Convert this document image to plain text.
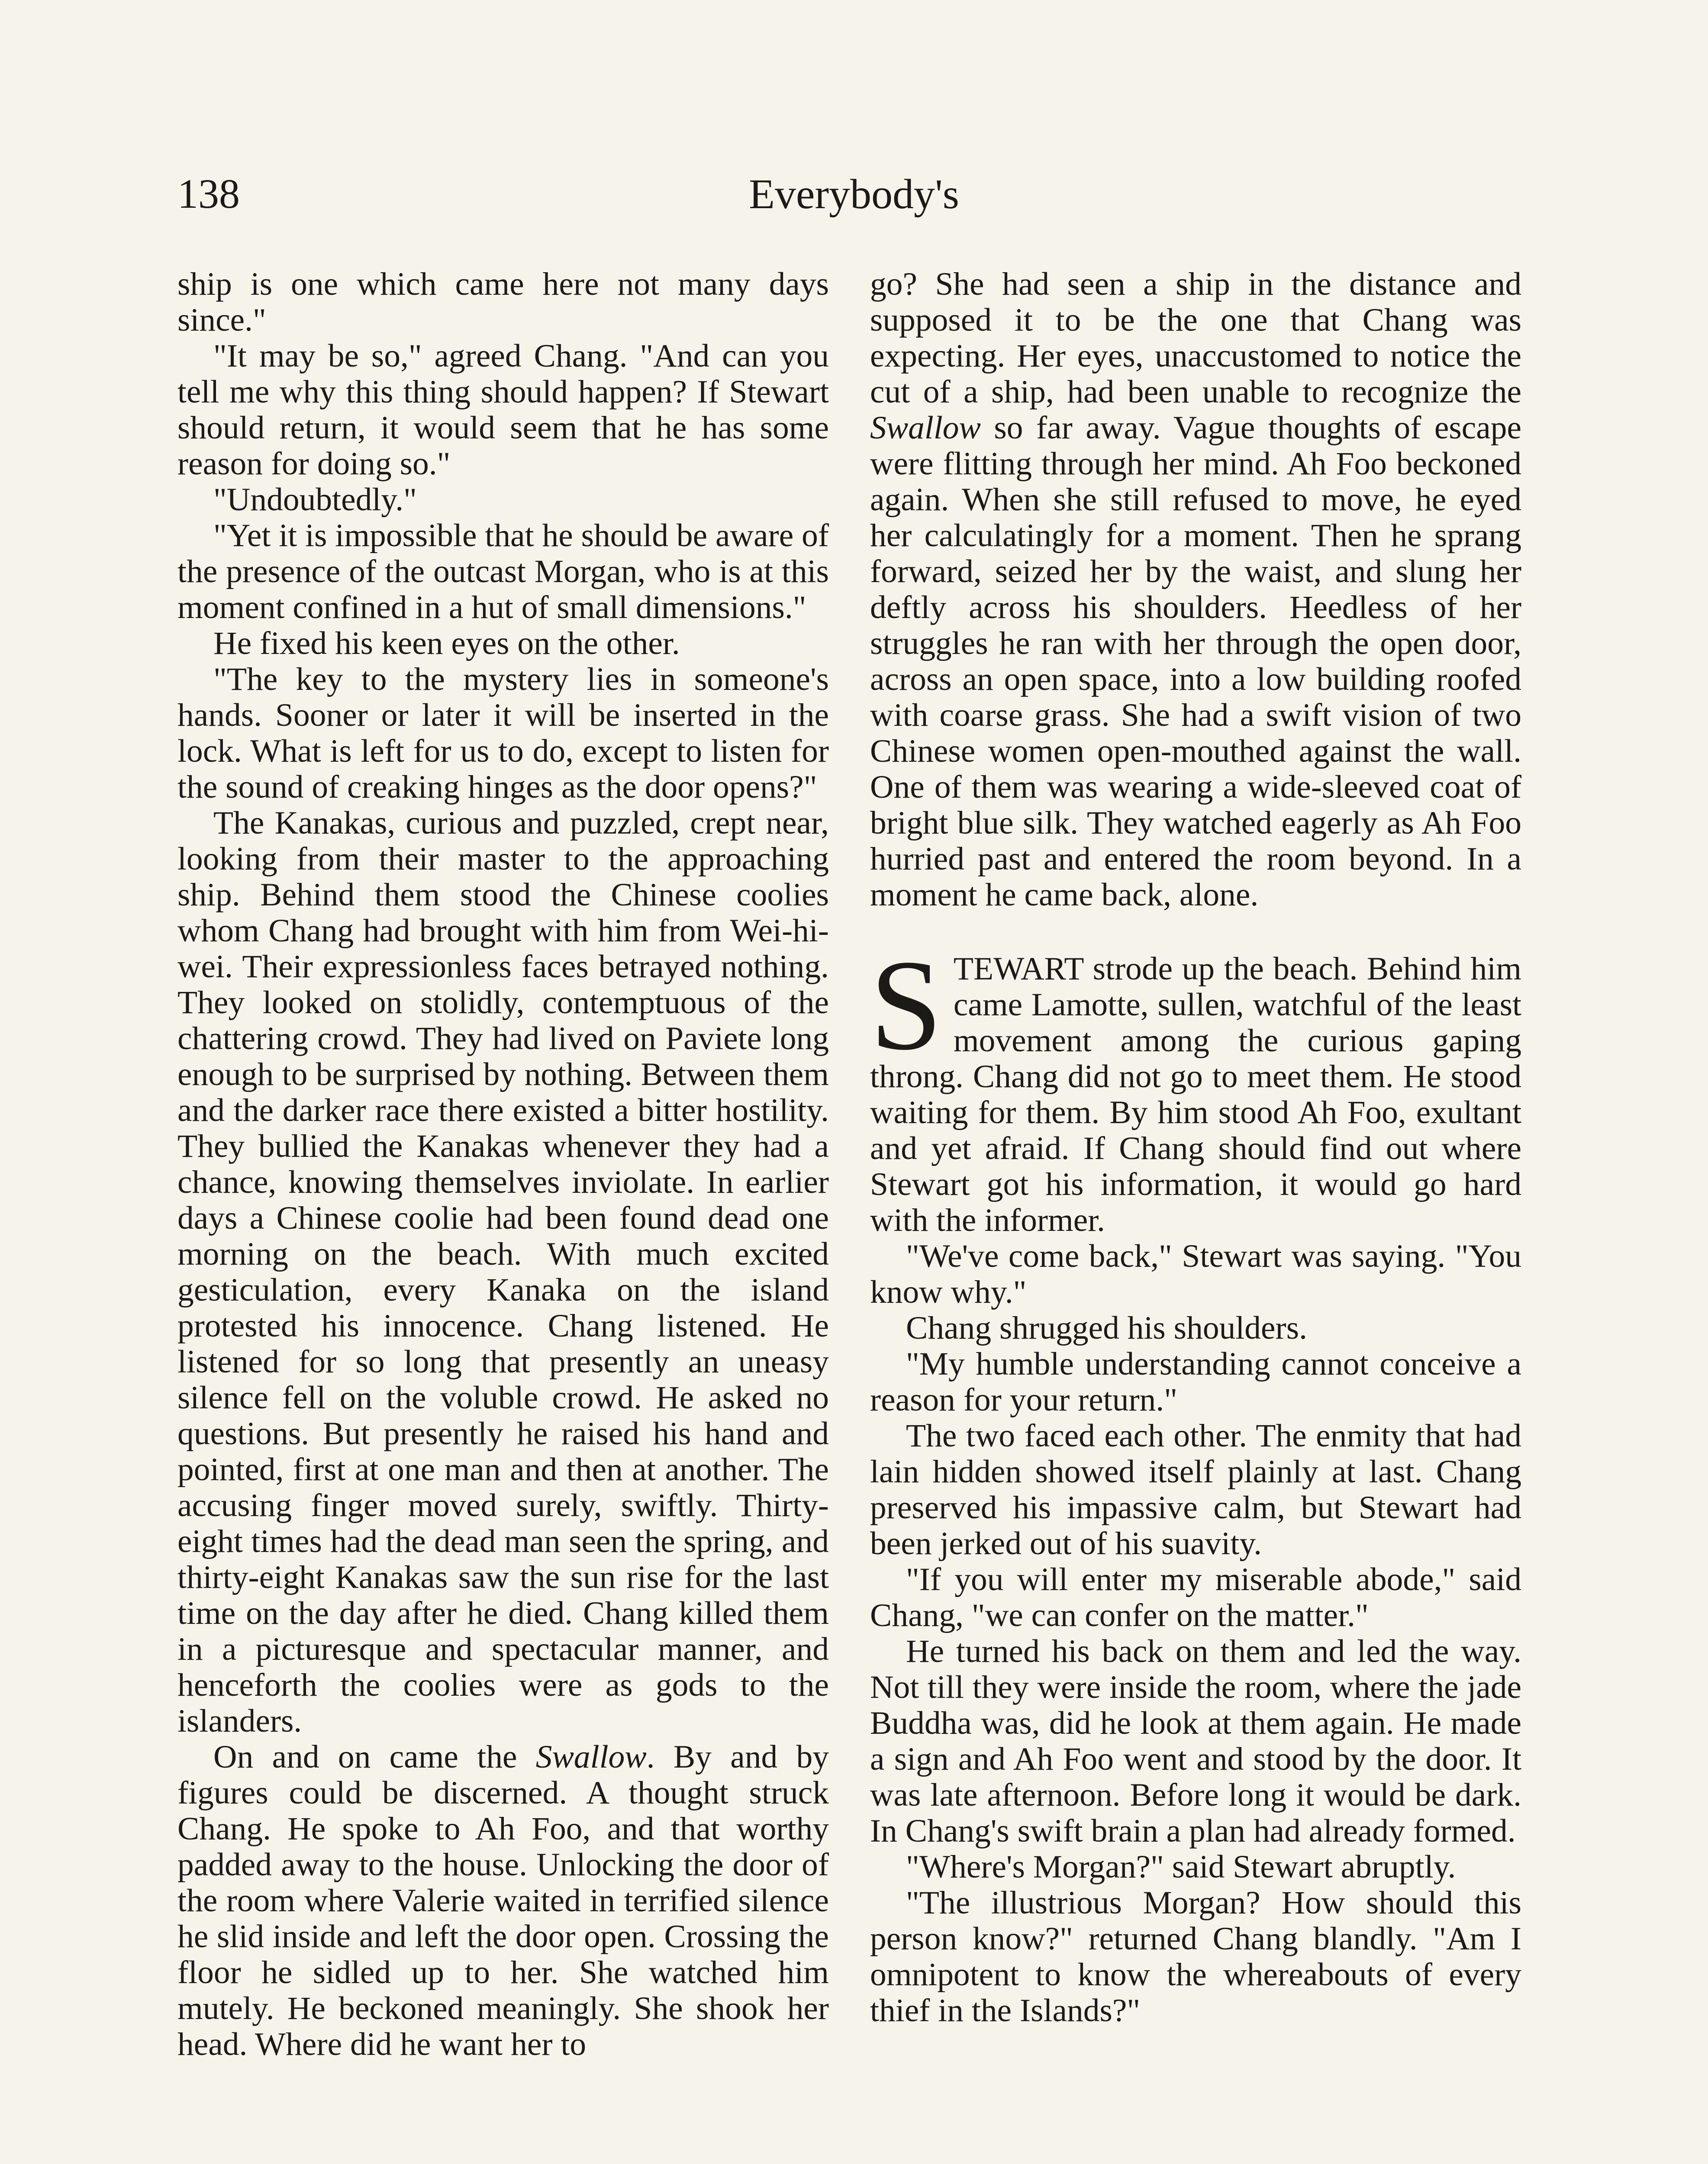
138	Everybody's

ship is one which came here not many days since."

"It may be so," agreed Chang. "And can you tell me why this thing should happen? If Stewart should return, it would seem that he has some reason for doing so."

"Undoubtedly."

"Yet it is impossible that he should be aware of the presence of the outcast Morgan, who is at this moment confined in a hut of small dimensions."

He fixed his keen eyes on the other.

"The key to the mystery lies in someone's hands. Sooner or later it will be inserted in the lock. What is left for us to do, except to listen for the sound of creaking hinges as the door opens?"

The Kanakas, curious and puzzled, crept near, looking from their master to the approaching ship. Behind them stood the Chinese coolies whom Chang had brought with him from Wei-hi-wei. Their expressionless faces betrayed nothing. They looked on stolidly, contemptuous of the chattering crowd. They had lived on Paviete long enough to be surprised by nothing. Between them and the darker race there existed a bitter hostility. They bullied the Kanakas whenever they had a chance, knowing themselves inviolate. In earlier days a Chinese coolie had been found dead one morning on the beach. With much excited gesticulation, every Kanaka on the island protested his innocence. Chang listened. He listened for so long that presently an uneasy silence fell on the voluble crowd. He asked no questions. But presently he raised his hand and pointed, first at one man and then at another. The accusing finger moved surely, swiftly. Thirty-eight times had the dead man seen the spring, and thirty-eight Kanakas saw the sun rise for the last time on the day after he died. Chang killed them in a picturesque and spectacular manner, and henceforth the coolies were as gods to the islanders.

On and on came the Swallow. By and by figures could be discerned. A thought struck Chang. He spoke to Ah Foo, and that worthy padded away to the house. Unlocking the door of the room where Valerie waited in terrified silence he slid inside and left the door open. Crossing the floor he sidled up to her. She watched him mutely. He beckoned meaningly. She shook her head. Where did he want her to

go? She had seen a ship in the distance and supposed it to be the one that Chang was expecting. Her eyes, unaccustomed to notice the cut of a ship, had been unable to recognize the Swallow so far away. Vague thoughts of escape were flitting through her mind. Ah Foo beckoned again. When she still refused to move, he eyed her calculatingly for a moment. Then he sprang forward, seized her by the waist, and slung her deftly across his shoulders. Heedless of her struggles he ran with her through the open door, across an open space, into a low building roofed with coarse grass. She had a swift vision of two Chinese women open-mouthed against the wall. One of them was wearing a wide-sleeved coat of bright blue silk. They watched eagerly as Ah Foo hurried past and entered the room beyond. In a moment he came back, alone.

STEWART strode up the beach. Behind him came Lamotte, sullen, watchful of the least movement among the curious gaping throng. Chang did not go to meet them. He stood waiting for them. By him stood Ah Foo, exultant and yet afraid. If Chang should find out where Stewart got his information, it would go hard with the informer.

"We've come back," Stewart was saying. "You know why."

Chang shrugged his shoulders.

"My humble understanding cannot conceive a reason for your return."

The two faced each other. The enmity that had lain hidden showed itself plainly at last. Chang preserved his impassive calm, but Stewart had been jerked out of his suavity.

"If you will enter my miserable abode," said Chang, "we can confer on the matter."

He turned his back on them and led the way. Not till they were inside the room, where the jade Buddha was, did he look at them again. He made a sign and Ah Foo went and stood by the door. It was late afternoon. Before long it would be dark. In Chang's swift brain a plan had already formed.

"Where's Morgan?" said Stewart abruptly.

"The illustrious Morgan? How should this person know?" returned Chang blandly. "Am I omnipotent to know the whereabouts of every thief in the Islands?"
